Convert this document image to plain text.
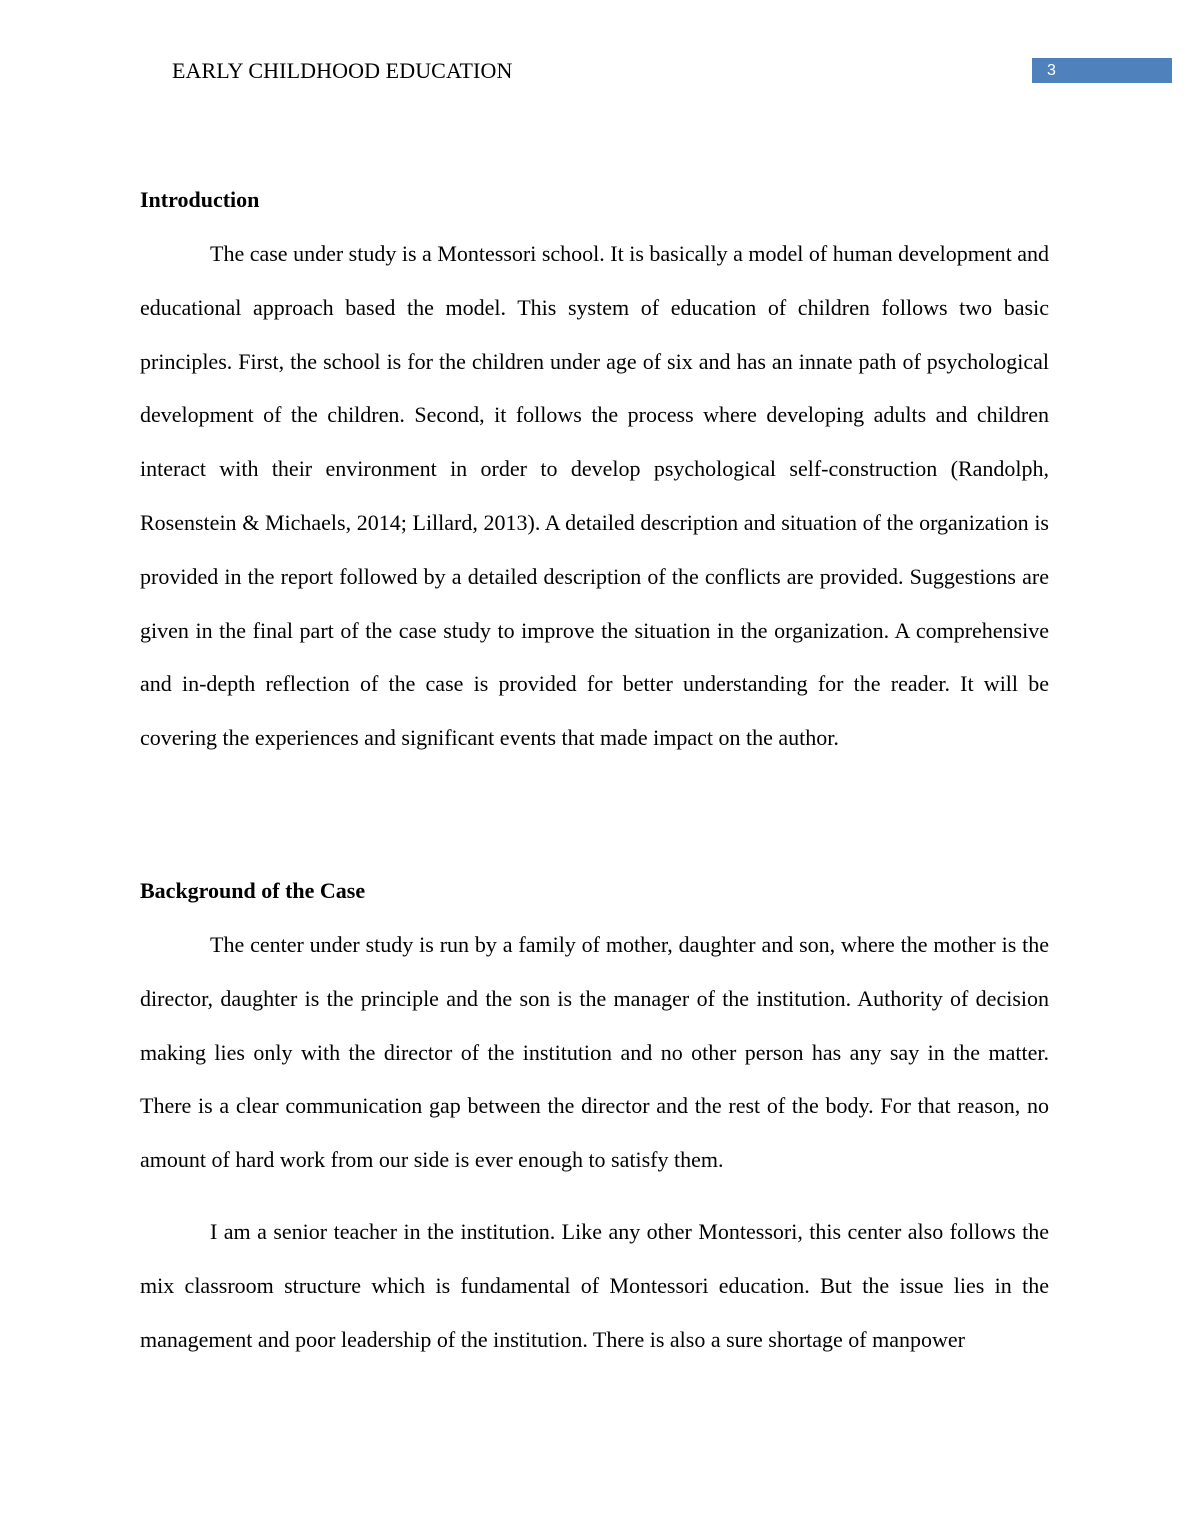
EARLY CHILDHOOD EDUCATION	3
Introduction

The case under study is a Montessori school. It is basically a model of human development and educational approach based the model. This system of education of children follows two basic principles. First, the school is for the children under age of six and has an innate path of psychological development of the children. Second, it follows the process where developing adults and children interact with their environment in order to develop psychological self-construction (Randolph, Rosenstein & Michaels, 2014; Lillard, 2013). A detailed description and situation of the organization is provided in the report followed by a detailed description of the conflicts are provided. Suggestions are given in the final part of the case study to improve the situation in the organization. A comprehensive and in-depth reflection of the case is provided for better understanding for the reader. It will be covering the experiences and significant events that made impact on the author.

Background of the Case

The center under study is run by a family of mother, daughter and son, where the mother is the director, daughter is the principle and the son is the manager of the institution. Authority of decision making lies only with the director of the institution and no other person has any say in the matter. There is a clear communication gap between the director and the rest of the body. For that reason, no amount of hard work from our side is ever enough to satisfy them.

I am a senior teacher in the institution. Like any other Montessori, this center also follows the mix classroom structure which is fundamental of Montessori education. But the issue lies in the management and poor leadership of the institution. There is also a sure shortage of manpower
